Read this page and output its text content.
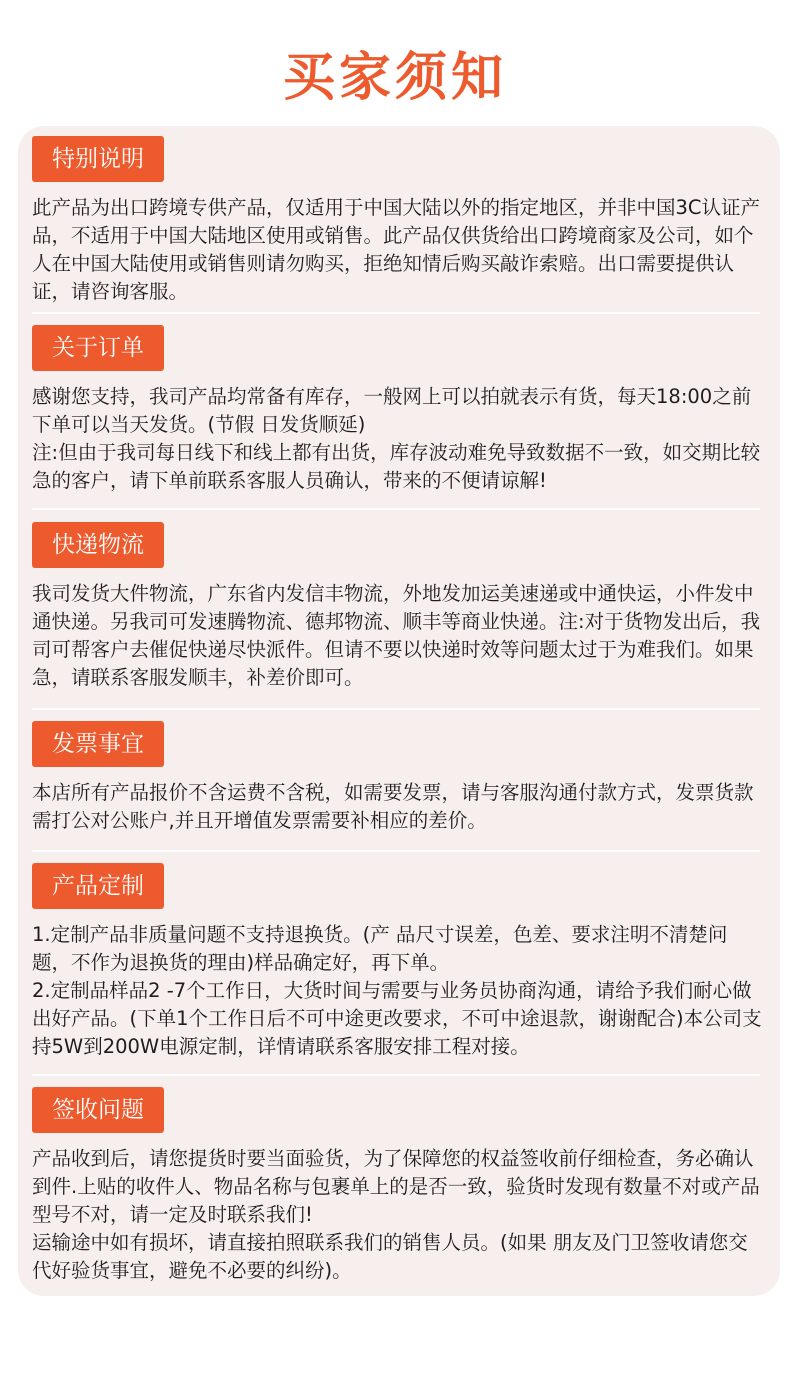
买家须知
特别说明

此产品为出口跨境专供产品，仅适用于中国大陆以外的指定地区，并非中国3C认证产品，不适用于中国大陆地区使用或销售。此产品仅供货给出口跨境商家及公司，如个人在中国大陆使用或销售则请勿购买，拒绝知情后购买敲诈索赔。出口需要提供认证，请咨询客服。

关于订单

感谢您支持，我司产品均常备有库存，一般网上可以拍就表示有货，每天18:00之前下单可以当天发货。(节假 日发货顺延)

注:但由于我司每日线下和线上都有出货，库存波动难免导致数据不一致，如交期比较急的客户，请下单前联系客服人员确认，带来的不便请谅解!

快递物流

我司发货大件物流，广东省内发信丰物流，外地发加运美速递或中通快运，小件发中通快递。另我司可发速腾物流、德邦物流、顺丰等商业快递。注:对于货物发出后，我司可帮客户去催促快递尽快派件。但请不要以快递时效等问题太过于为难我们。如果急，请联系客服发顺丰，补差价即可。

发票事宜

本店所有产品报价不含运费不含税，如需要发票，请与客服沟通付款方式，发票货款需打公对公账户,并且开增值发票需要补相应的差价。

产品定制

1.定制产品非质量问题不支持退换货。(产 品尺寸误差，色差、要求注明不清楚问题，不作为退换货的理由)样品确定好，再下单。

2.定制品样品2 -7个工作日，大货时间与需要与业务员协商沟通，请给予我们耐心做出好产品。(下单1个工作日后不可中途更改要求，不可中途退款，谢谢配合)本公司支持5W到200W电源定制，详情请联系客服安排工程对接。

签收问题

产品收到后，请您提货时要当面验货，为了保障您的权益签收前仔细检查，务必确认到件.上贴的收件人、物品名称与包裹单上的是否一致，验货时发现有数量不对或产品型号不对，请一定及时联系我们!

运输途中如有损坏，请直接拍照联系我们的销售人员。(如果 朋友及门卫签收请您交代好验货事宜，避免不必要的纠纷)。
